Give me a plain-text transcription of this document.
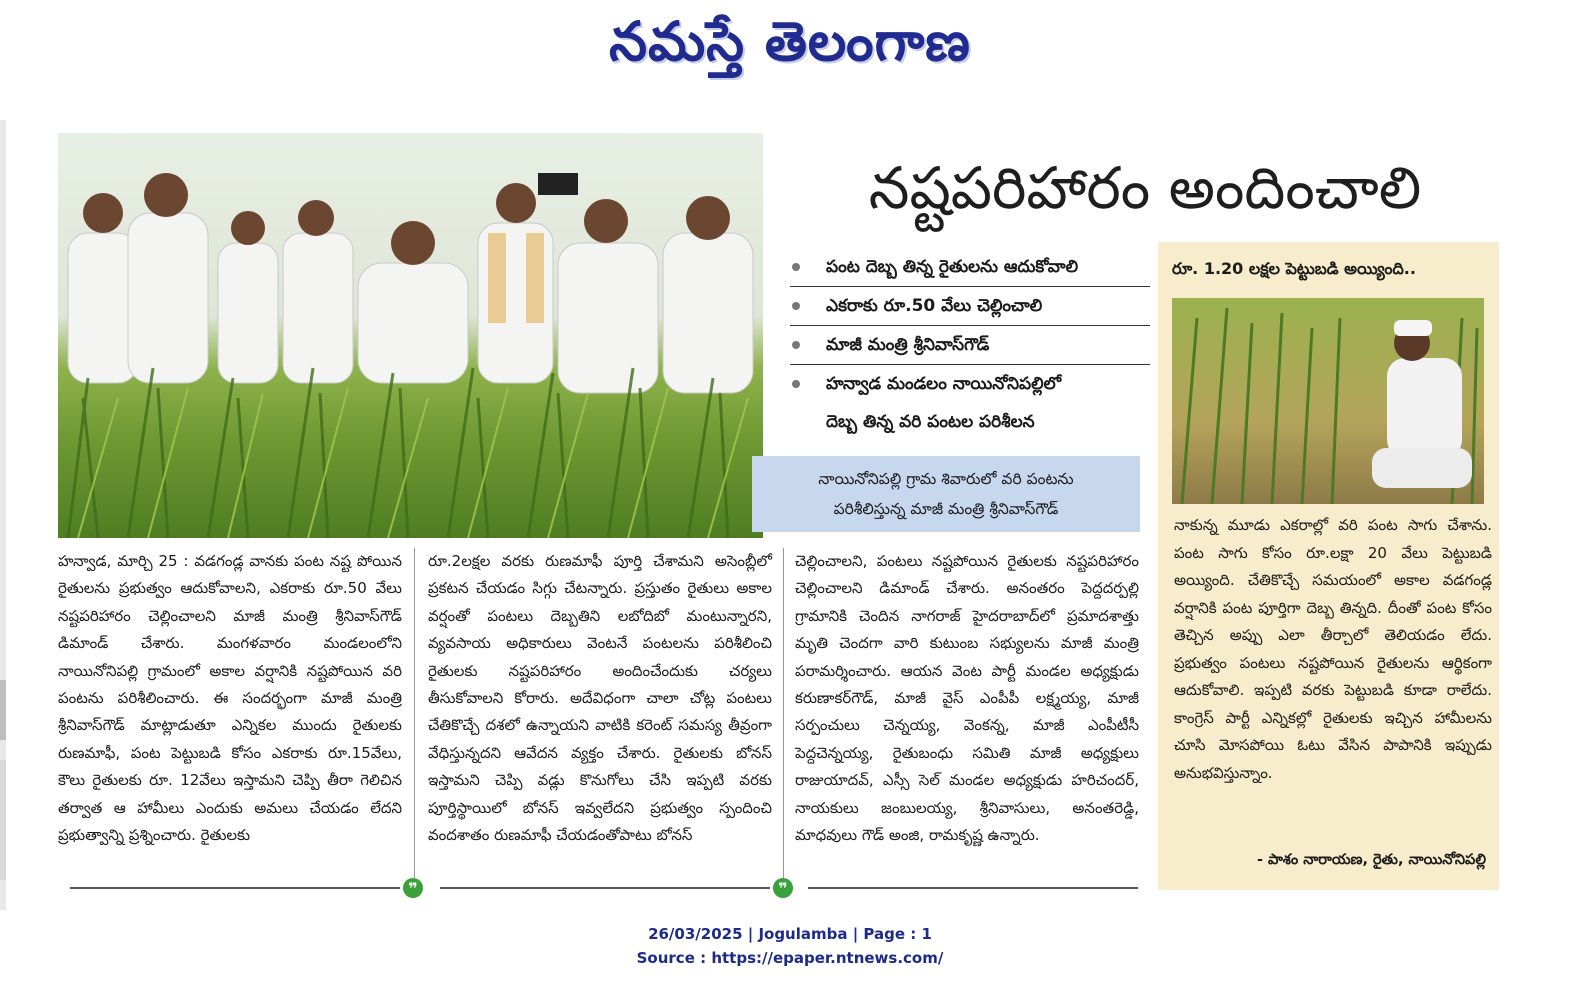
నమస్తే తెలంగాణ
నాయినోనిపల్లి గ్రామ శివారులో వరి పంటను
పరిశీలిస్తున్న మాజీ మంత్రి శ్రీనివాస్‌గౌడ్
నష్టపరిహారం అందించాలి
పంట దెబ్బ తిన్న రైతులను ఆదుకోవాలి
ఎకరాకు రూ.50 వేలు చెల్లించాలి
మాజీ మంత్రి శ్రీనివాస్‌గౌడ్
హన్వాడ మండలం నాయినోనిపల్లిలో
దెబ్బ తిన్న వరి పంటల పరిశీలన
రూ. 1.20 లక్షల పెట్టుబడి అయ్యింది..
నాకున్న మూడు ఎకరాల్లో వరి పంట సాగు చేశాను. పంట సాగు కోసం రూ.లక్షా 20 వేలు పెట్టుబడి అయ్యింది. చేతికొచ్చే సమయంలో అకాల వడగండ్ల వర్షానికి పంట పూర్తిగా దెబ్బ తిన్నది. దీంతో పంట కోసం తెచ్చిన అప్పు ఎలా తీర్చాలో తెలియడం లేదు. ప్రభుత్వం పంటలు నష్టపోయిన రైతులను ఆర్థికంగా ఆదుకోవాలి. ఇప్పటి వరకు పెట్టుబడి కూడా రాలేదు. కాంగ్రెస్ పార్టీ ఎన్నికల్లో రైతులకు ఇచ్చిన హామీలను చూసి మోసపోయి ఓటు వేసిన పాపానికి ఇప్పుడు అనుభవిస్తున్నాం.
- పాశం నారాయణ, రైతు, నాయినోనిపల్లి
హన్వాడ, మార్చి 25 : వడగండ్ల వానకు పంట నష్ట పోయిన రైతులను ప్రభుత్వం ఆదుకోవాలని, ఎకరాకు రూ.50 వేలు నష్టపరిహారం చెల్లించాలని మాజీ మంత్రి శ్రీనివాస్‌గౌడ్ డిమాండ్ చేశారు. మంగళవారం మండలంలోని నాయినోనిపల్లి గ్రామంలో అకాల వర్షానికి నష్టపోయిన వరి పంటను పరిశీలించారు. ఈ సందర్భంగా మాజీ మంత్రి శ్రీనివాస్‌గౌడ్ మాట్లాడుతూ ఎన్నికల ముందు రైతులకు రుణమాఫీ, పంట పెట్టుబడి కోసం ఎకరాకు రూ.15వేలు, కౌలు రైతులకు రూ. 12వేలు ఇస్తామని చెప్పి తీరా గెలిచిన తర్వాత ఆ హామీలు ఎందుకు అమలు చేయడం లేదని ప్రభుత్వాన్ని ప్రశ్నించారు. రైతులకు
రూ.2లక్షల వరకు రుణమాఫీ పూర్తి చేశామని అసెంబ్లీలో ప్రకటన చేయడం సిగ్గు చేటన్నారు. ప్రస్తుతం రైతులు అకాల వర్షంతో పంటలు దెబ్బతిని లబోదిబో మంటున్నారని, వ్యవసాయ అధికారులు వెంటనే పంటలను పరిశీలించి రైతులకు నష్టపరిహారం అందించేందుకు చర్యలు తీసుకోవాలని కోరారు. అదేవిధంగా చాలా చోట్ల పంటలు చేతికొచ్చే దశలో ఉన్నాయని వాటికి కరెంట్ సమస్య తీవ్రంగా వేధిస్తున్నదని ఆవేదన వ్యక్తం చేశారు. రైతులకు బోనస్ ఇస్తామని చెప్పి వడ్లు కొనుగోలు చేసి ఇప్పటి వరకు పూర్తిస్థాయిలో బోనస్ ఇవ్వలేదని ప్రభుత్వం స్పందించి వందశాతం రుణమాఫీ చేయడంతోపాటు బోనస్
చెల్లించాలని, పంటలు నష్టపోయిన రైతులకు నష్టపరిహారం చెల్లించాలని డిమాండ్ చేశారు. అనంతరం పెద్దదర్పల్లి గ్రామానికి చెందిన నాగరాజ్ హైదరాబాద్‌లో ప్రమాదశాత్తు మృతి చెందగా వారి కుటుంబ సభ్యులను మాజీ మంత్రి పరామర్శించారు. ఆయన వెంట పార్టీ మండల అధ్యక్షుడు కరుణాకర్‌గౌడ్, మాజీ వైస్ ఎంపీపీ లక్ష్మయ్య, మాజీ సర్పంచులు చెన్నయ్య, వెంకన్న, మాజీ ఎంపీటీసీ పెద్దచెన్నయ్య, రైతుబంధు సమితి మాజీ అధ్యక్షులు రాజుయాదవ్, ఎస్సీ సెల్ మండల అధ్యక్షుడు హరిచందర్, నాయకులు జంబులయ్య, శ్రీనివాసులు, అనంతరెడ్డి, మాధవులు గౌడ్ అంజి, రామకృష్ణ ఉన్నారు.
❞	❞
26/03/2025 | Jogulamba | Page : 1
Source : https://epaper.ntnews.com/
